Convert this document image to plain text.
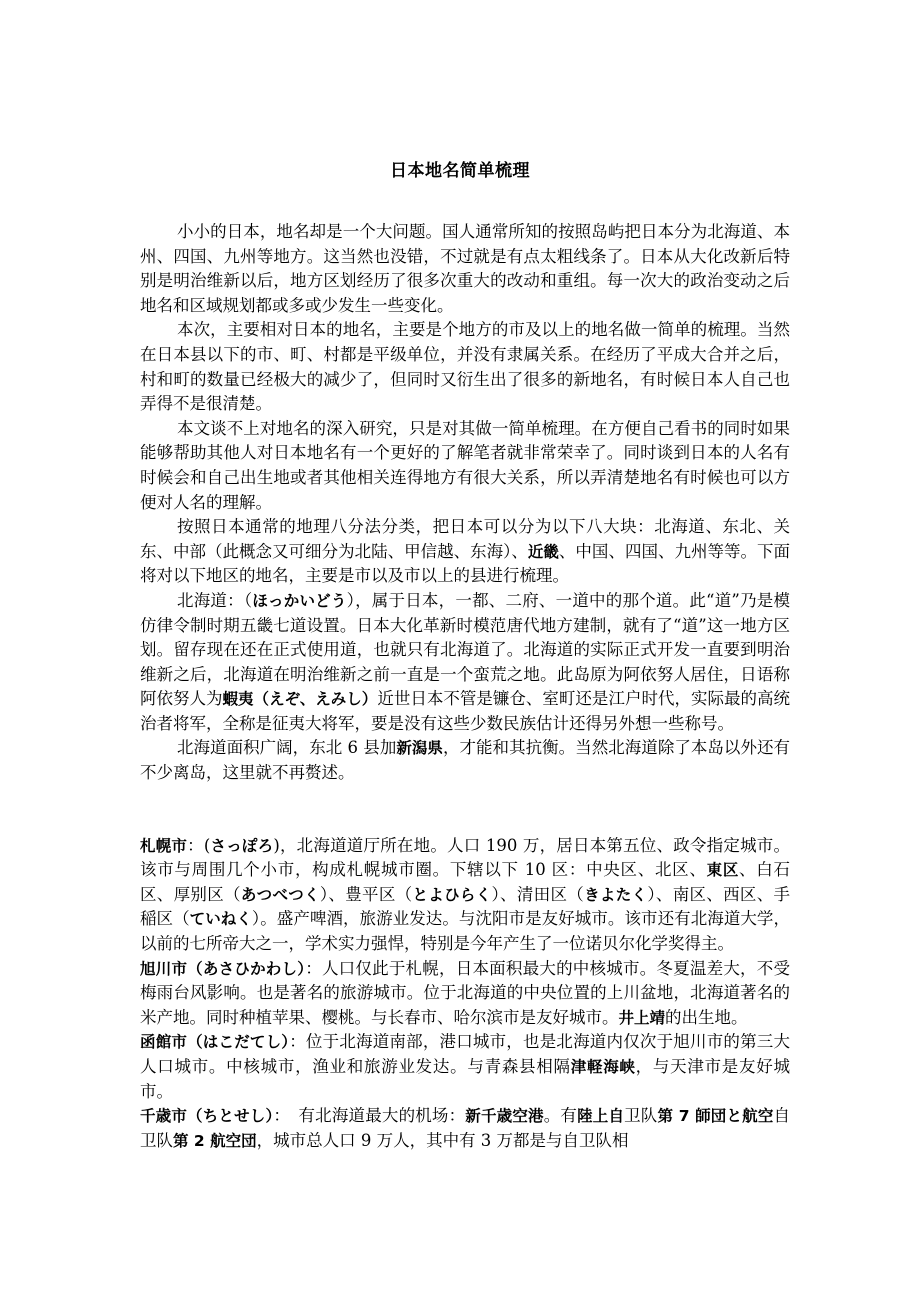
日本地名简单梳理

小小的日本，地名却是一个大问题。国人通常所知的按照岛屿把日本分为北海道、本州、四国、九州等地方。这当然也没错，不过就是有点太粗线条了。日本从大化改新后特别是明治维新以后，地方区划经历了很多次重大的改动和重组。每一次大的政治变动之后地名和区域规划都或多或少发生一些变化。

本次，主要相对日本的地名，主要是个地方的市及以上的地名做一简单的梳理。当然在日本县以下的市、町、村都是平级单位，并没有隶属关系。在经历了平成大合并之后，村和町的数量已经极大的减少了，但同时又衍生出了很多的新地名，有时候日本人自己也弄得不是很清楚。

本文谈不上对地名的深入研究，只是对其做一简单梳理。在方便自己看书的同时如果能够帮助其他人对日本地名有一个更好的了解笔者就非常荣幸了。同时谈到日本的人名有时候会和自己出生地或者其他相关连得地方有很大关系，所以弄清楚地名有时候也可以方便对人名的理解。

按照日本通常的地理八分法分类，把日本可以分为以下八大块：北海道、东北、关东、中部（此概念又可细分为北陆、甲信越、东海）、近畿、中国、四国、九州等等。下面将对以下地区的地名，主要是市以及市以上的县进行梳理。

北海道：（ほっかいどう），属于日本，一都、二府、一道中的那个道。此“道”乃是模仿律令制时期五畿七道设置。日本大化革新时模范唐代地方建制，就有了“道”这一地方区划。留存现在还在正式使用道，也就只有北海道了。北海道的实际正式开发一直要到明治维新之后，北海道在明治维新之前一直是一个蛮荒之地。此岛原为阿依努人居住，日语称阿依努人为蝦夷（えぞ、えみし）近世日本不管是镰仓、室町还是江户时代，实际最的高统治者将军，全称是征夷大将军，要是没有这些少数民族估计还得另外想一些称号。

北海道面积广阔，东北 6 县加新潟県，才能和其抗衡。当然北海道除了本岛以外还有不少离岛，这里就不再赘述。

札幌市：(さっぽろ)，北海道道厅所在地。人口 190 万，居日本第五位、政令指定城市。该市与周围几个小市，构成札幌城市圈。下辖以下 10 区：中央区、北区、東区、白石区、厚别区（あつべつく）、豊平区（とよひらく）、清田区（きよたく）、南区、西区、手稲区（ていねく）。盛产啤酒，旅游业发达。与沈阳市是友好城市。该市还有北海道大学，以前的七所帝大之一，学术实力强悍，特别是今年产生了一位诺贝尔化学奖得主。

旭川市（あさひかわし）：人口仅此于札幌，日本面积最大的中核城市。冬夏温差大，不受梅雨台风影响。也是著名的旅游城市。位于北海道的中央位置的上川盆地，北海道著名的米产地。同时种植苹果、樱桃。与长春市、哈尔滨市是友好城市。井上靖的出生地。

函館市（はこだてし）：位于北海道南部，港口城市，也是北海道内仅次于旭川市的第三大人口城市。中核城市，渔业和旅游业发达。与青森县相隔津軽海峡，与天津市是友好城市。

千歳市（ちとせし）：　有北海道最大的机场：新千歳空港。有陸上自卫队第 7 師団と航空自卫队第 2 航空団，城市总人口 9 万人，其中有 3 万都是与自卫队相
